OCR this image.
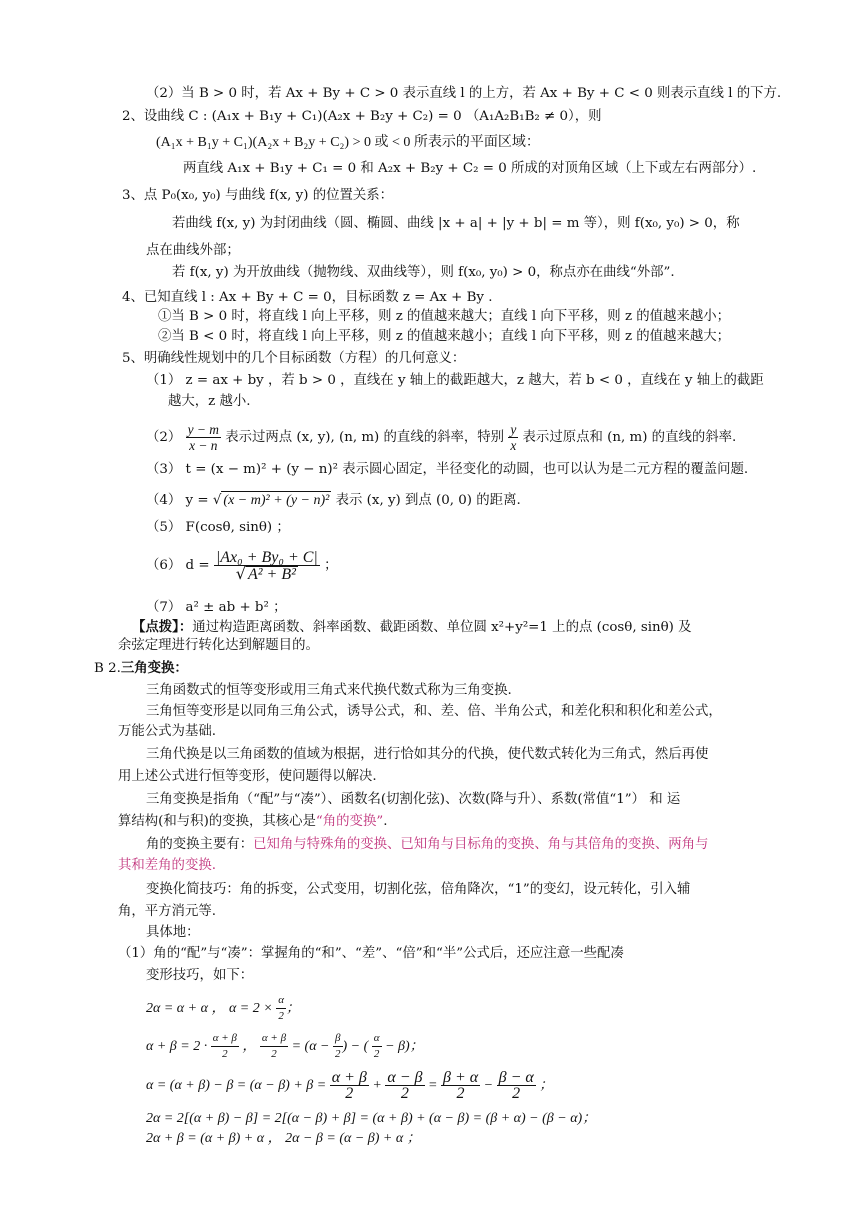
（2）当 B > 0 时，若 Ax + By + C > 0 表示直线 l 的上方，若 Ax + By + C < 0 则表示直线 l 的下方.
2、设曲线 C : (A₁x + B₁y + C₁)(A₂x + B₂y + C₂) = 0 （A₁A₂B₁B₂ ≠ 0），则
(A₁x + B₁y + C₁)(A₂x + B₂y + C₂) > 0 或 < 0 所表示的平面区域：
两直线 A₁x + B₁y + C₁ = 0 和 A₂x + B₂y + C₂ = 0 所成的对顶角区域（上下或左右两部分）.
3、点 P₀(x₀, y₀) 与曲线 f(x, y) 的位置关系：
若曲线 f(x, y) 为封闭曲线（圆、椭圆、曲线 |x + a| + |y + b| = m 等），则 f(x₀, y₀) > 0，称
点在曲线外部；
若 f(x, y) 为开放曲线（抛物线、双曲线等），则 f(x₀, y₀) > 0，称点亦在曲线“外部”.
4、已知直线 l : Ax + By + C = 0，目标函数 z = Ax + By .
①当 B > 0 时，将直线 l 向上平移，则 z 的值越来越大；直线 l 向下平移，则 z 的值越来越小；
②当 B < 0 时，将直线 l 向上平移，则 z 的值越来越小；直线 l 向下平移，则 z 的值越来越大；
5、明确线性规划中的几个目标函数（方程）的几何意义：
（1） z = ax + by ，若 b > 0 ，直线在 y 轴上的截距越大，z 越大，若 b < 0 ，直线在 y 轴上的截距
越大，z 越小.
$(2) \frac{y - m}{x - n}$ 表示过两点 (x, y), (n, m) 的直线的斜率，特别 $\frac{y}{x}$ 表示过原点和 (n, m) 的直线的斜率.
（3） t = (x − m)² + (y − n)² 表示圆心固定，半径变化的动圆，也可以认为是二元方程的覆盖问题.
（4） y = √ (x − m)² + (y − n)² 表示 (x, y) 到点 (0, 0) 的距离.
（5） F(cosθ, sinθ) ；
（6） $d = \frac{\text{|Ax₀ + By₀ + C|}}{\text{√ A² + B²}}$ ；
（7） a² ± ab + b² ；
【点拨】：通过构造距离函数、斜率函数、截距函数、单位圆 x²+y²=1 上的点 (cosθ, sinθ) 及
余弦定理进行转化达到解题目的。
B 2.三角变换：
三角函数式的恒等变形或用三角式来代换代数式称为三角变换.
三角恒等变形是以同角三角公式，诱导公式，和、差、倍、半角公式，和差化积和积化和差公式，
万能公式为基础.
三角代换是以三角函数的值域为根据，进行恰如其分的代换，使代数式转化为三角式，然后再使
用上述公式进行恒等变形，使问题得以解决.
三角变换是指角（“配”与“凑”）、函数名(切割化弦)、次数(降与升）、系数(常值“1”） 和 运
算结构(和与积)的变换，其核心是“角的变换”.
角的变换主要有：已知角与特殊角的变换、已知角与目标角的变换、角与其倍角的变换、两角与
其和差角的变换.
变换化简技巧：角的拆变，公式变用，切割化弦，倍角降次，“1”的变幻，设元转化，引入辅
角，平方消元等.
具体地：
（1）角的“配”与“凑”：掌握角的“和”、“差”、“倍”和“半”公式后，还应注意一些配凑
变形技巧，如下：
2α = α + α ， $\alpha = 2 \times \frac{\alpha}{2}$ ；
$\alpha + \beta = 2 \cdot \frac{\alpha + \beta}{2}$ ， $\frac{\alpha + \beta}{2} = (\alpha - \frac{\beta}{2}$ ) − ( $\frac{\alpha}{2} - \beta$)；
$\alpha = (\alpha + \beta) - \beta = (\alpha - \beta) + \beta = \frac{\alpha + \beta}{2} + \frac{\alpha - \beta}{2} = \frac{\beta + \alpha}{2} - \frac{\beta - \alpha}{2}$ ；
2α = 2[(α + β) − β] = 2[(α − β) + β] = (α + β) + (α − β) = (β + α) − (β − α)；
2α + β = (α + β) + α ， 2α − β = (α − β) + α ；
